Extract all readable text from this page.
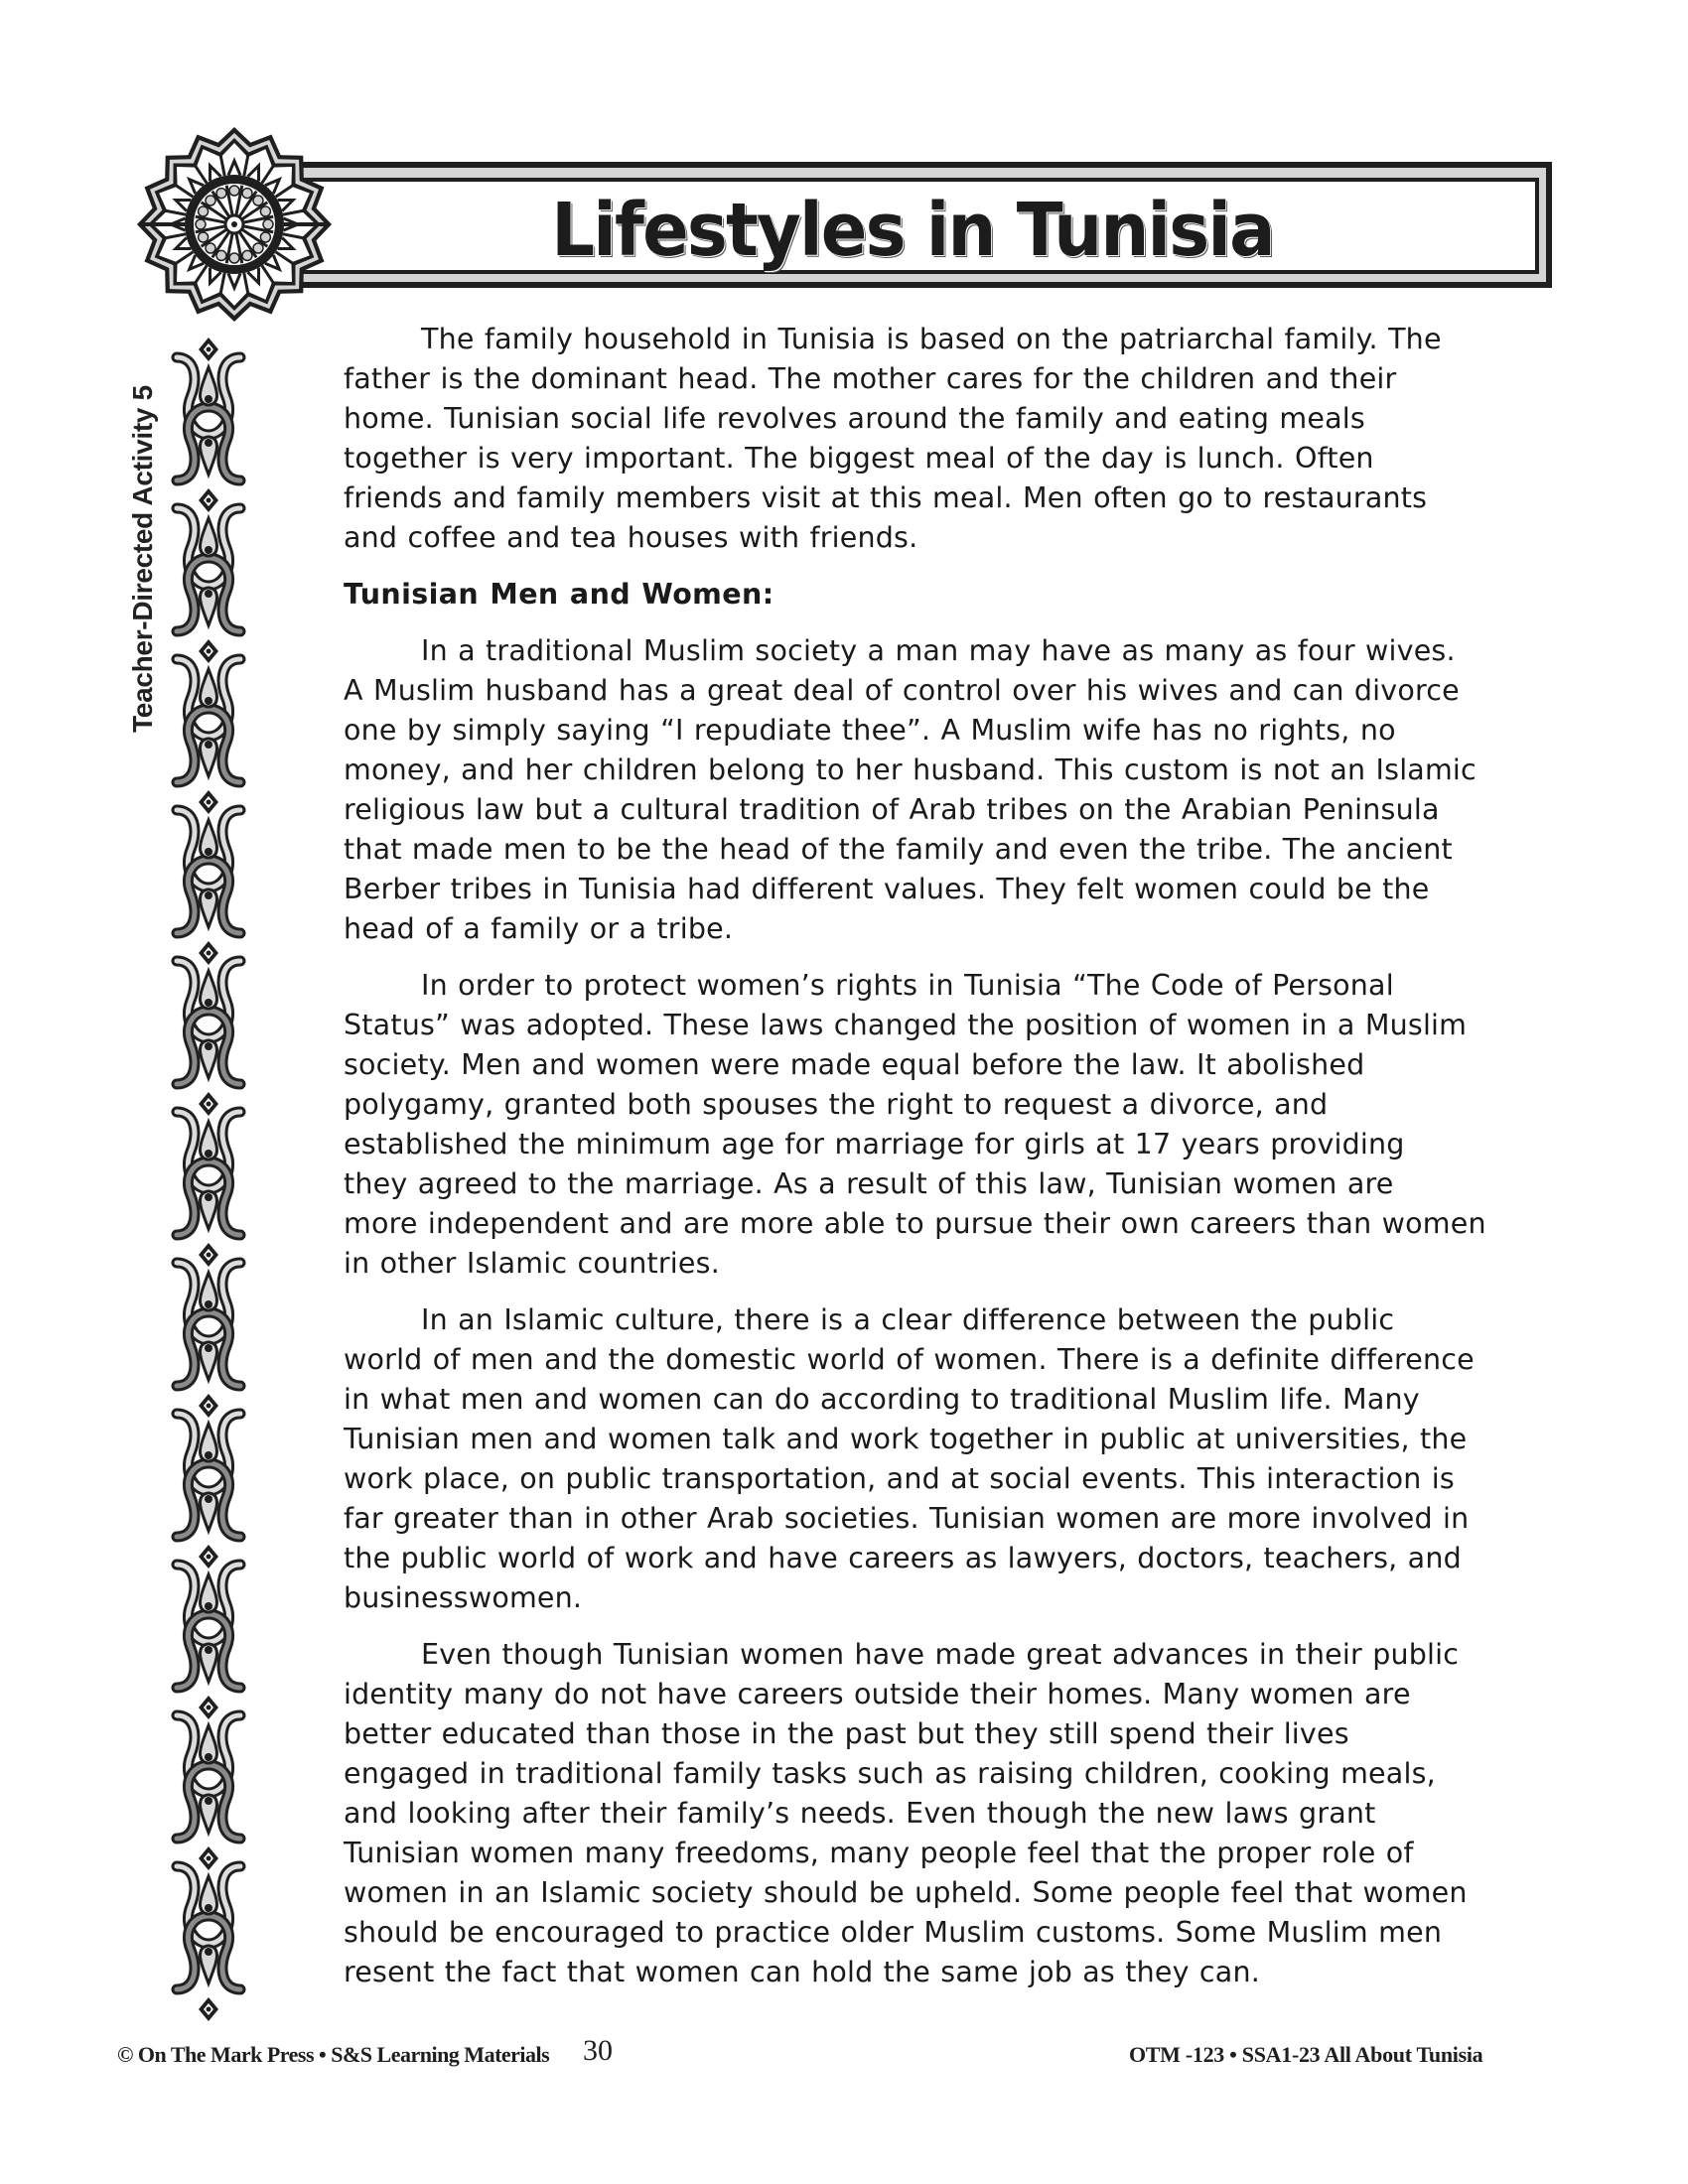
Lifestyles in Tunisia
Teacher-Directed Activity 5

The family household in Tunisia is based on the patriarchal family. The
father is the dominant head. The mother cares for the children and their
home. Tunisian social life revolves around the family and eating meals
together is very important. The biggest meal of the day is lunch. Often
friends and family members visit at this meal. Men often go to restaurants
and coffee and tea houses with friends.

Tunisian Men and Women:

In a traditional Muslim society a man may have as many as four wives.
A Muslim husband has a great deal of control over his wives and can divorce
one by simply saying “I repudiate thee”. A Muslim wife has no rights, no
money, and her children belong to her husband. This custom is not an Islamic
religious law but a cultural tradition of Arab tribes on the Arabian Peninsula
that made men to be the head of the family and even the tribe. The ancient
Berber tribes in Tunisia had different values. They felt women could be the
head of a family or a tribe.

In order to protect women’s rights in Tunisia “The Code of Personal
Status” was adopted. These laws changed the position of women in a Muslim
society. Men and women were made equal before the law. It abolished
polygamy, granted both spouses the right to request a divorce, and
established the minimum age for marriage for girls at 17 years providing
they agreed to the marriage. As a result of this law, Tunisian women are
more independent and are more able to pursue their own careers than women
in other Islamic countries.

In an Islamic culture, there is a clear difference between the public
world of men and the domestic world of women. There is a definite difference
in what men and women can do according to traditional Muslim life. Many
Tunisian men and women talk and work together in public at universities, the
work place, on public transportation, and at social events. This interaction is
far greater than in other Arab societies. Tunisian women are more involved in
the public world of work and have careers as lawyers, doctors, teachers, and
businesswomen.

Even though Tunisian women have made great advances in their public
identity many do not have careers outside their homes. Many women are
better educated than those in the past but they still spend their lives
engaged in traditional family tasks such as raising children, cooking meals,
and looking after their family’s needs. Even though the new laws grant
Tunisian women many freedoms, many people feel that the proper role of
women in an Islamic society should be upheld. Some people feel that women
should be encouraged to practice older Muslim customs. Some Muslim men
resent the fact that women can hold the same job as they can.

© On The Mark Press • S&S Learning Materials	30	OTM -123 • SSA1-23 All About Tunisia
